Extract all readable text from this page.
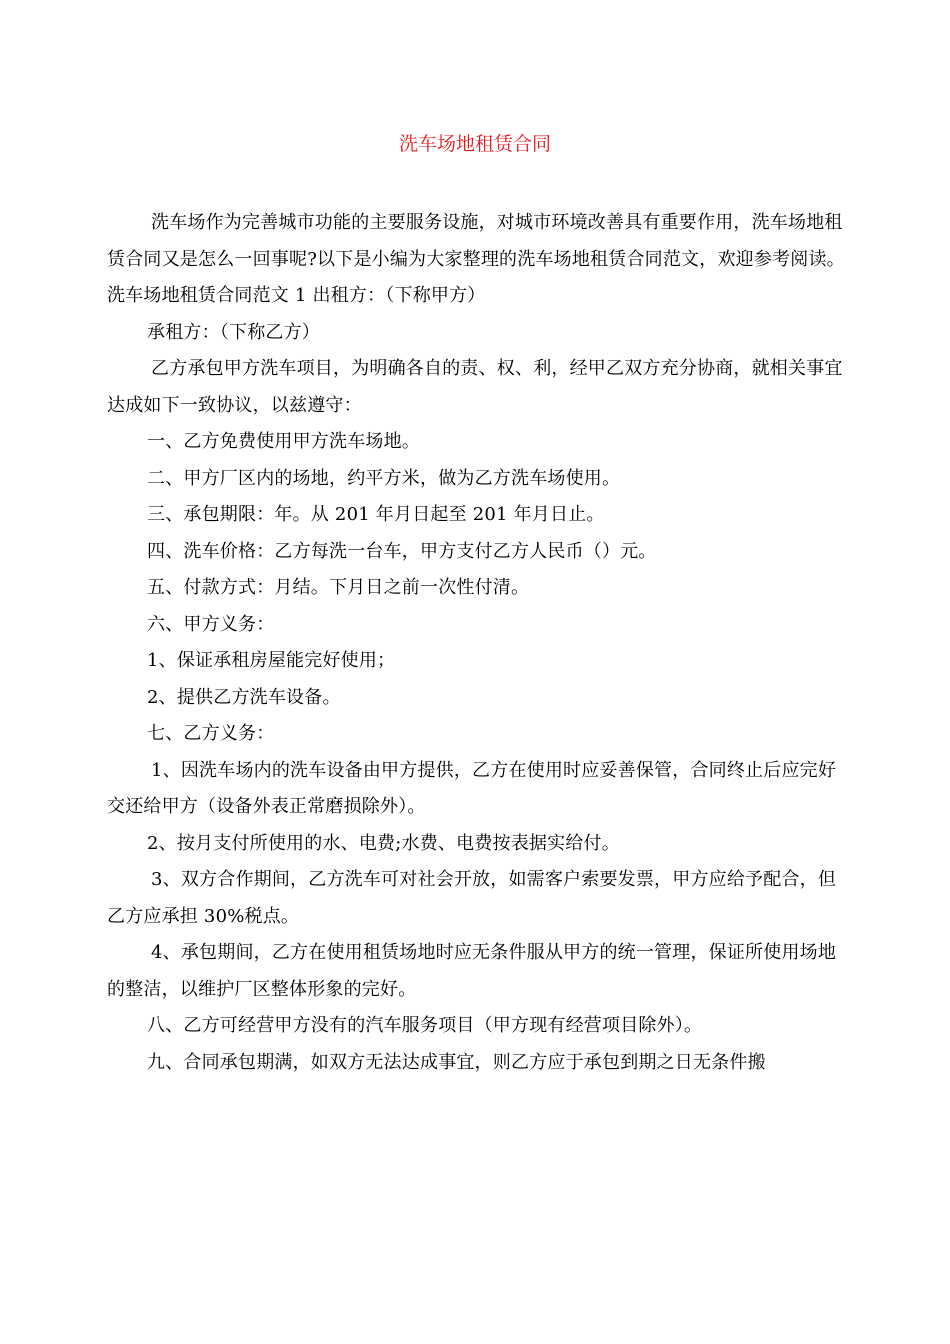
洗车场地租赁合同

洗车场作为完善城市功能的主要服务设施，对城市环境改善具有重要作用，洗车场地租赁合同又是怎么一回事呢?以下是小编为大家整理的洗车场地租赁合同范文，欢迎参考阅读。

洗车场地租赁合同范文 1 出租方：（下称甲方）

承租方：（下称乙方）

乙方承包甲方洗车项目，为明确各自的责、权、利，经甲乙双方充分协商，就相关事宜达成如下一致协议，以兹遵守：

一、乙方免费使用甲方洗车场地。

二、甲方厂区内的场地，约平方米，做为乙方洗车场使用。

三、承包期限：年。从 201 年月日起至 201 年月日止。

四、洗车价格：乙方每洗一台车，甲方支付乙方人民币（）元。

五、付款方式：月结。下月日之前一次性付清。

六、甲方义务：

1、保证承租房屋能完好使用；

2、提供乙方洗车设备。

七、乙方义务：

1、因洗车场内的洗车设备由甲方提供，乙方在使用时应妥善保管，合同终止后应完好交还给甲方（设备外表正常磨损除外）。

2、按月支付所使用的水、电费;水费、电费按表据实给付。

3、双方合作期间，乙方洗车可对社会开放，如需客户索要发票，甲方应给予配合，但乙方应承担 30%税点。

4、承包期间，乙方在使用租赁场地时应无条件服从甲方的统一管理，保证所使用场地的整洁，以维护厂区整体形象的完好。

八、乙方可经营甲方没有的汽车服务项目（甲方现有经营项目除外）。

九、合同承包期满，如双方无法达成事宜，则乙方应于承包到期之日无条件搬
